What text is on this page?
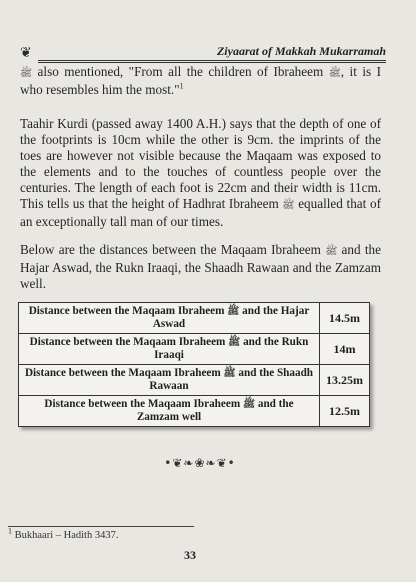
❦	Ziyaarat of Makkah Mukarramah
ﷺ also mentioned, "From all the children of Ibraheem ﷺ, it is I who resembles him the most."$^1$
Taahir Kurdi (passed away 1400 A.H.) says that the depth of one of the footprints is 10cm while the other is 9cm. the imprints of the toes are however not visible because the Maqaam was exposed to the elements and to the touches of countless people over the centuries. The length of each foot is 22cm and their width is 11cm. This tells us that the height of Hadhrat Ibraheem ﷺ equalled that of an exceptionally tall man of our times.
Below are the distances between the Maqaam Ibraheem ﷺ and the Hajar Aswad, the Rukn Iraaqi, the Shaadh Rawaan and the Zamzam well.
Distance between the Maqaam Ibraheem ﷺ and the Hajar Aswad	14.5m
Distance between the Maqaam Ibraheem ﷺ and the Rukn Iraaqi	14m
Distance between the Maqaam Ibraheem ﷺ and the Shaadh Rawaan	13.25m
Distance between the Maqaam Ibraheem ﷺ and the Zamzam well	12.5m
•❦❧❀❧❦•
$^1$ Bukhaari – Hadith 3437.
33
